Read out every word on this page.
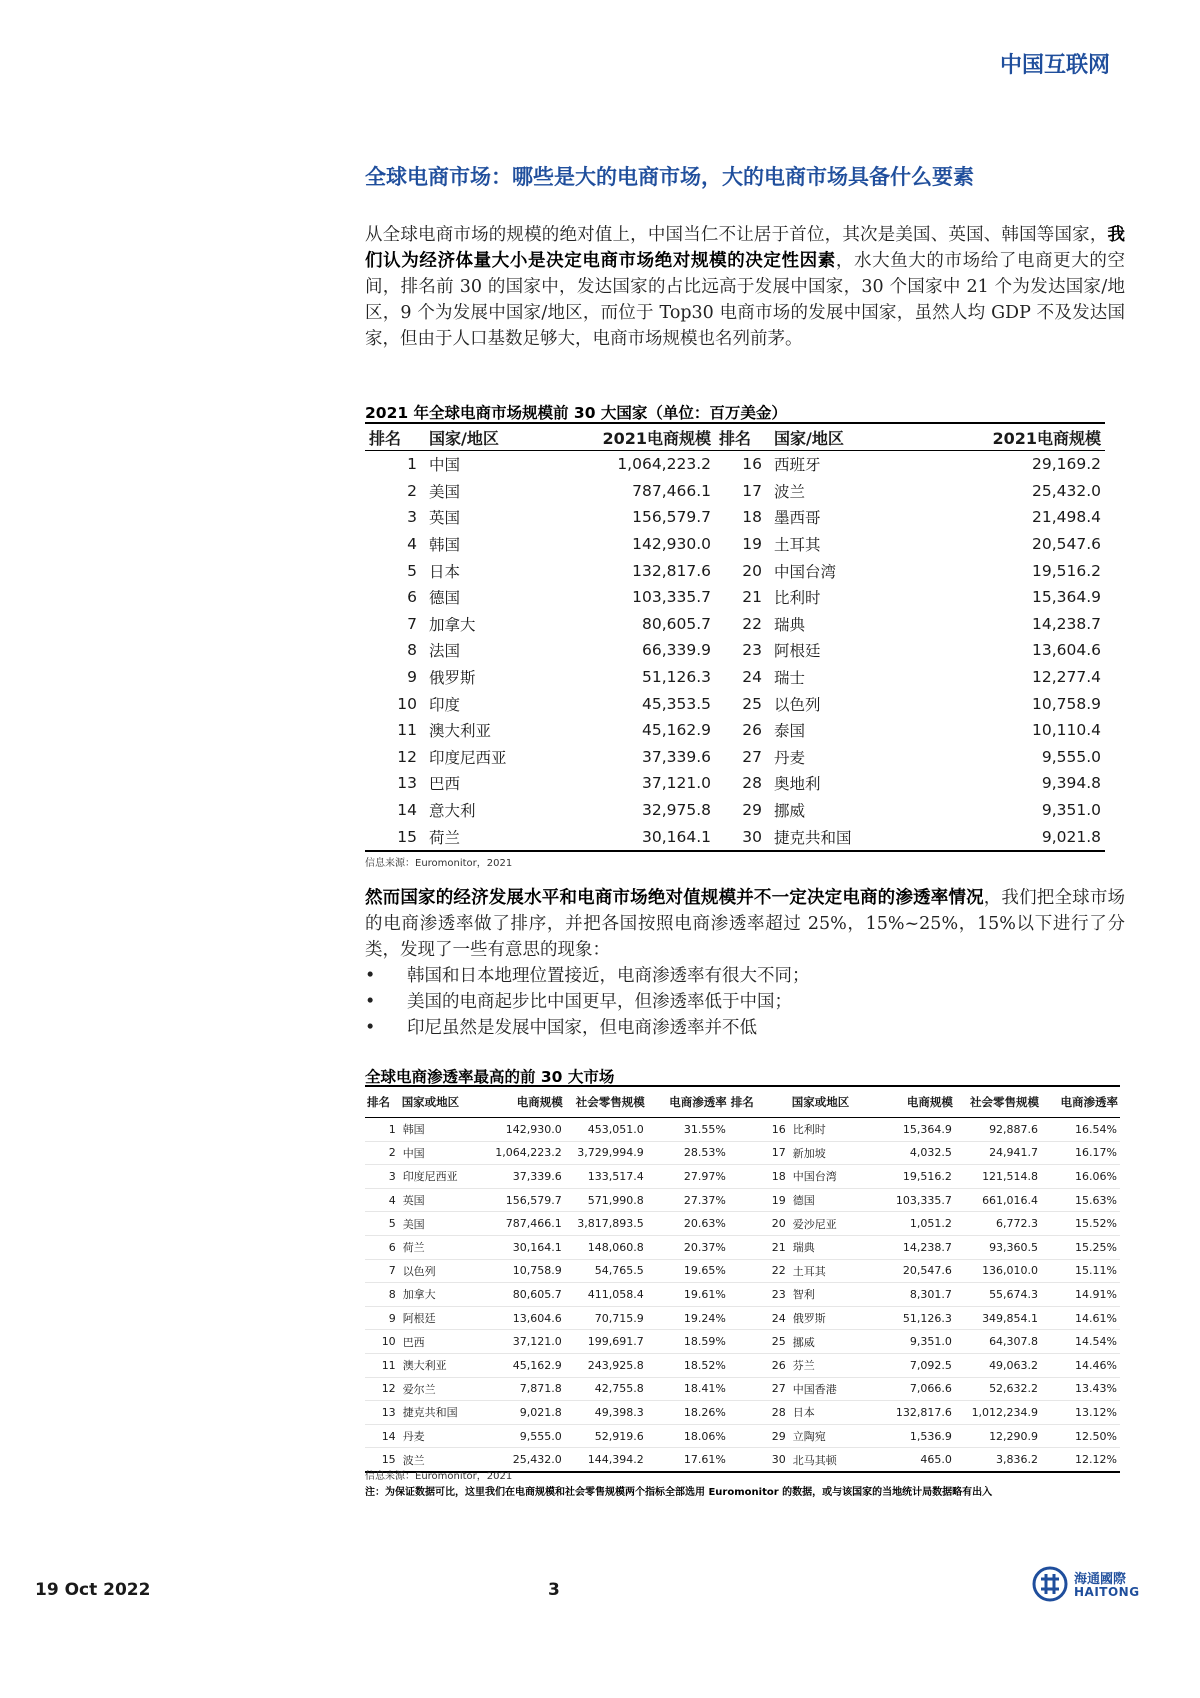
中国互联网
全球电商市场：哪些是大的电商市场，大的电商市场具备什么要素
从全球电商市场的规模的绝对值上，中国当仁不让居于首位，其次是美国、英国、韩国等国家，我们认为经济体量大小是决定电商市场绝对规模的决定性因素，水大鱼大的市场给了电商更大的空间，排名前 30 的国家中，发达国家的占比远高于发展中国家，30 个国家中 21 个为发达国家/地区，9 个为发展中国家/地区，而位于 Top30 电商市场的发展中国家，虽然人均 GDP 不及发达国家，但由于人口基数足够大，电商市场规模也名列前茅。
2021 年全球电商市场规模前 30 大国家（单位：百万美金）
排名	国家/地区	2021电商规模	排名	国家/地区	2021电商规模
1	中国	1,064,223.2	16	西班牙	29,169.2
2	美国	787,466.1	17	波兰	25,432.0
3	英国	156,579.7	18	墨西哥	21,498.4
4	韩国	142,930.0	19	土耳其	20,547.6
5	日本	132,817.6	20	中国台湾	19,516.2
6	德国	103,335.7	21	比利时	15,364.9
7	加拿大	80,605.7	22	瑞典	14,238.7
8	法国	66,339.9	23	阿根廷	13,604.6
9	俄罗斯	51,126.3	24	瑞士	12,277.4
10	印度	45,353.5	25	以色列	10,758.9
11	澳大利亚	45,162.9	26	泰国	10,110.4
12	印度尼西亚	37,339.6	27	丹麦	9,555.0
13	巴西	37,121.0	28	奥地利	9,394.8
14	意大利	32,975.8	29	挪威	9,351.0
15	荷兰	30,164.1	30	捷克共和国	9,021.8
信息来源：Euromonitor，2021
然而国家的经济发展水平和电商市场绝对值规模并不一定决定电商的渗透率情况，我们把全球市场的电商渗透率做了排序，并把各国按照电商渗透率超过 25%，15%~25%，15%以下进行了分类，发现了一些有意思的现象：
• 韩国和日本地理位置接近，电商渗透率有很大不同；
• 美国的电商起步比中国更早，但渗透率低于中国；
• 印尼虽然是发展中国家，但电商渗透率并不低
全球电商渗透率最高的前 30 大市场
排名	国家或地区	电商规模	社会零售规模	电商渗透率	排名	国家或地区	电商规模	社会零售规模	电商渗透率
1	韩国	142,930.0	453,051.0	31.55%	16	比利时	15,364.9	92,887.6	16.54%
2	中国	1,064,223.2	3,729,994.9	28.53%	17	新加坡	4,032.5	24,941.7	16.17%
3	印度尼西亚	37,339.6	133,517.4	27.97%	18	中国台湾	19,516.2	121,514.8	16.06%
4	英国	156,579.7	571,990.8	27.37%	19	德国	103,335.7	661,016.4	15.63%
5	美国	787,466.1	3,817,893.5	20.63%	20	爱沙尼亚	1,051.2	6,772.3	15.52%
6	荷兰	30,164.1	148,060.8	20.37%	21	瑞典	14,238.7	93,360.5	15.25%
7	以色列	10,758.9	54,765.5	19.65%	22	土耳其	20,547.6	136,010.0	15.11%
8	加拿大	80,605.7	411,058.4	19.61%	23	智利	8,301.7	55,674.3	14.91%
9	阿根廷	13,604.6	70,715.9	19.24%	24	俄罗斯	51,126.3	349,854.1	14.61%
10	巴西	37,121.0	199,691.7	18.59%	25	挪威	9,351.0	64,307.8	14.54%
11	澳大利亚	45,162.9	243,925.8	18.52%	26	芬兰	7,092.5	49,063.2	14.46%
12	爱尔兰	7,871.8	42,755.8	18.41%	27	中国香港	7,066.6	52,632.2	13.43%
13	捷克共和国	9,021.8	49,398.3	18.26%	28	日本	132,817.6	1,012,234.9	13.12%
14	丹麦	9,555.0	52,919.6	18.06%	29	立陶宛	1,536.9	12,290.9	12.50%
15	波兰	25,432.0	144,394.2	17.61%	30	北马其顿	465.0	3,836.2	12.12%
信息来源：Euromonitor，2021
注：为保证数据可比，这里我们在电商规模和社会零售规模两个指标全部选用 Euromonitor 的数据，或与该国家的当地统计局数据略有出入
19 Oct 2022	3
海通國際
HAITONG
